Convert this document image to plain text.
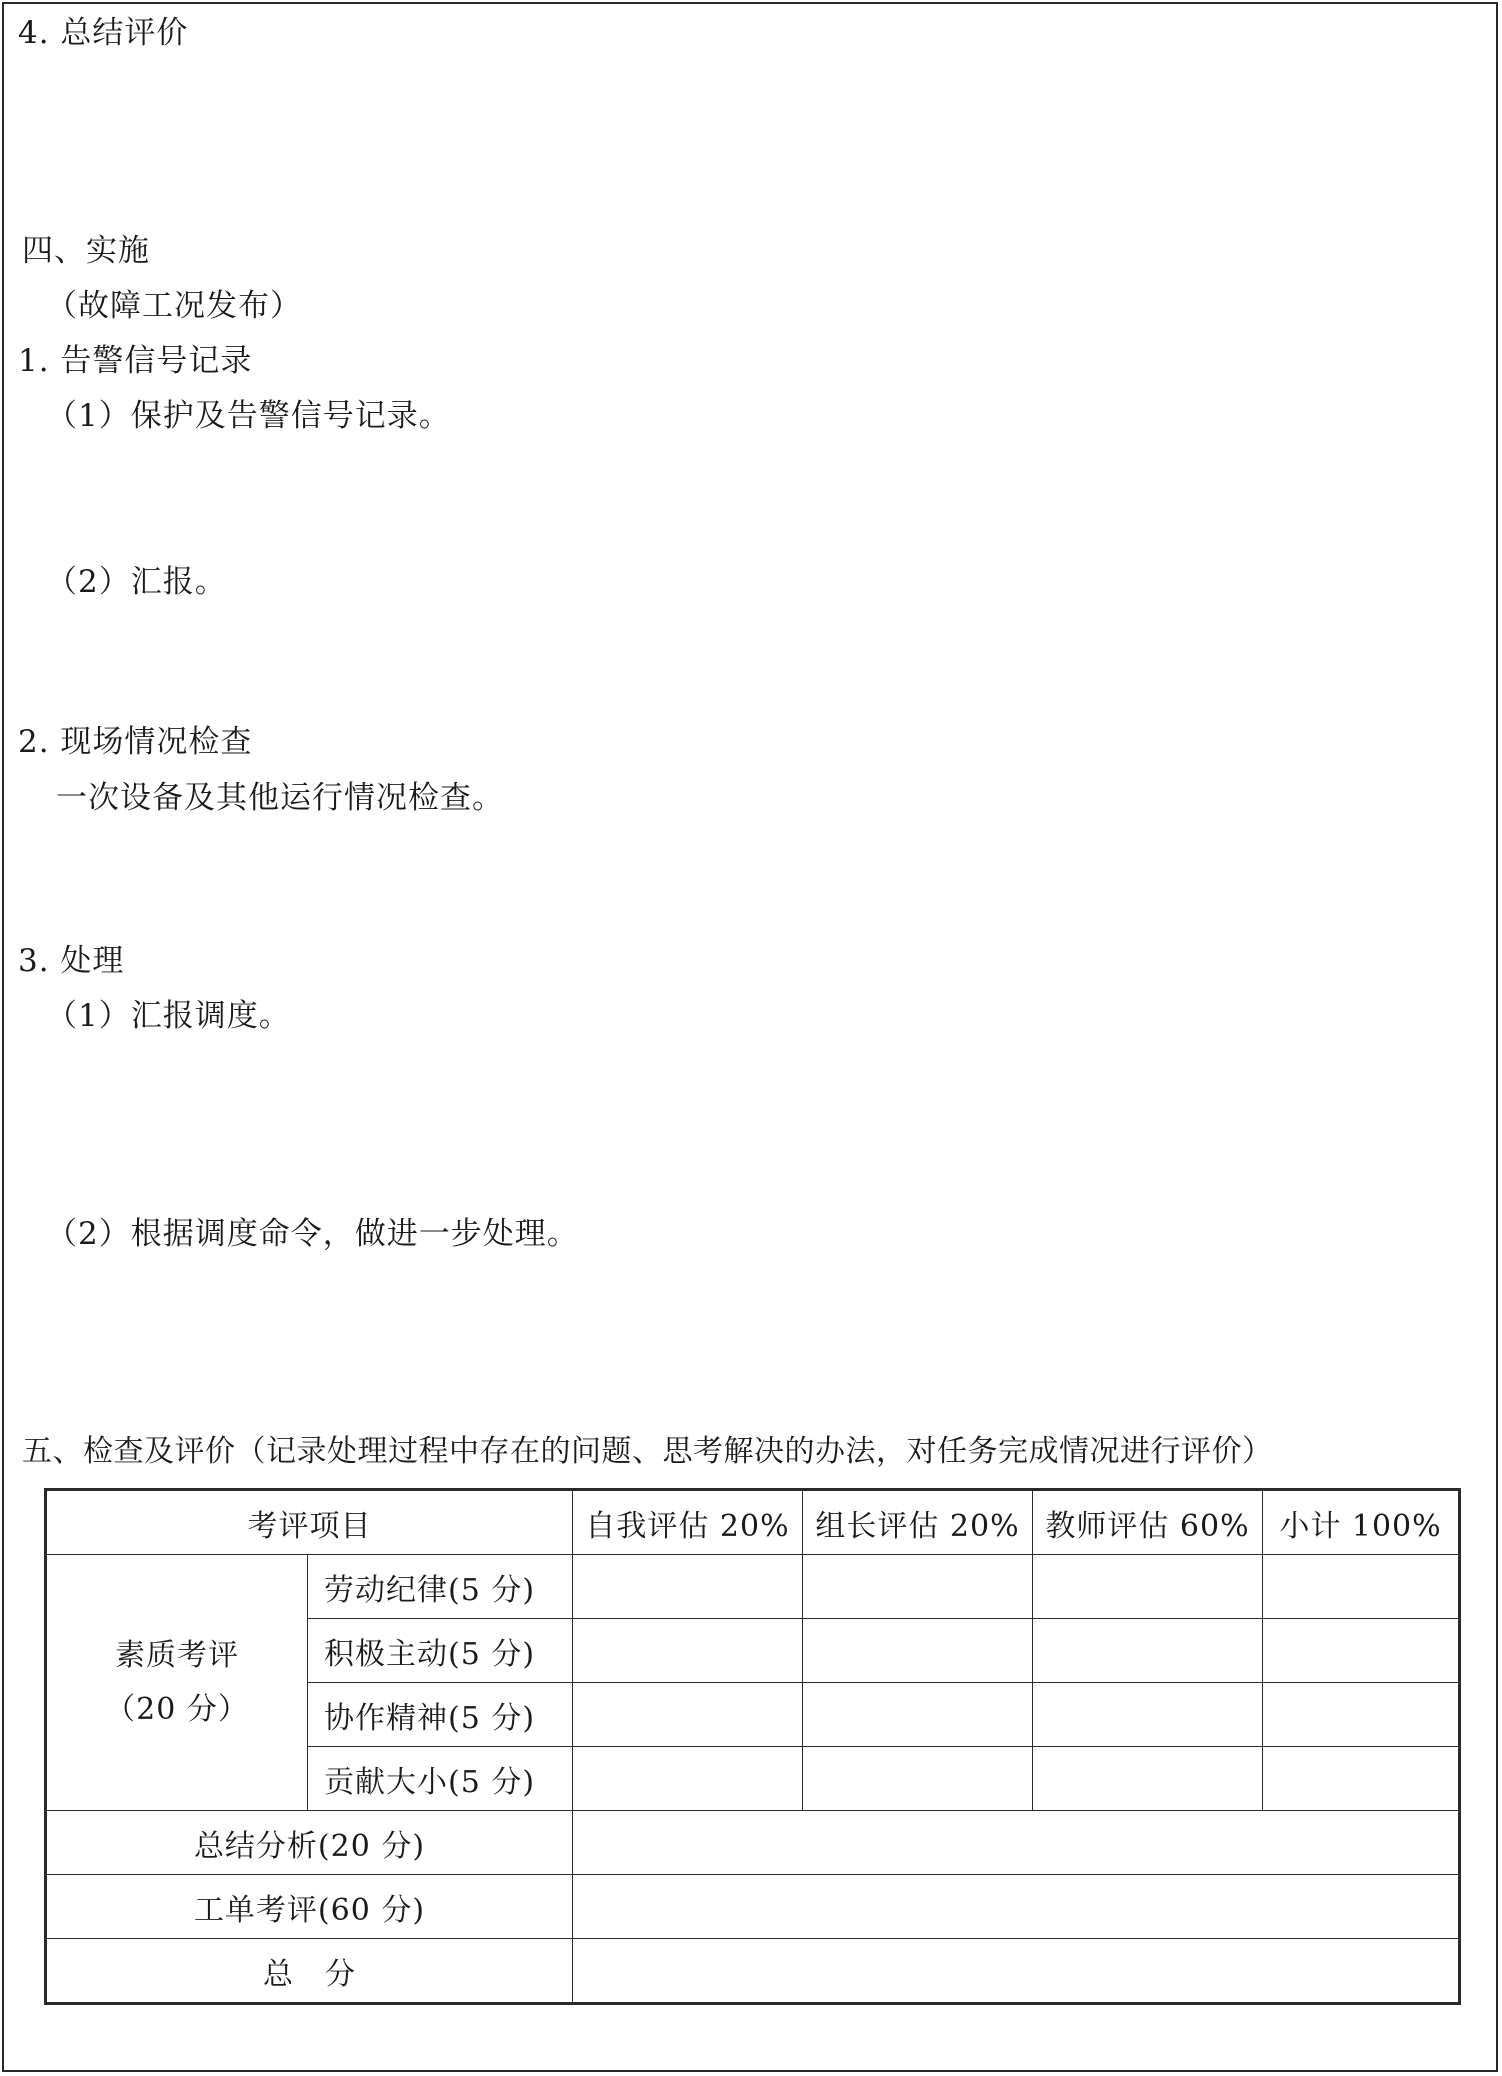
4. 总结评价
四、实施
（故障工况发布）
1. 告警信号记录
（1）保护及告警信号记录。
（2）汇报。
2. 现场情况检查
一次设备及其他运行情况检查。
3. 处理
（1）汇报调度。
（2）根据调度命令，做进一步处理。
五、检查及评价（记录处理过程中存在的问题、思考解决的办法，对任务完成情况进行评价）
考评项目		自我评估 20%	组长评估 20%	教师评估 60%	小计 100%

素质考评
（20 分）	劳动纪律(5 分)				
	积极主动(5 分)				
	协作精神(5 分)				
	贡献大小(5 分)				
总结分析(20 分)					
工单考评(60 分)					
总　分					
